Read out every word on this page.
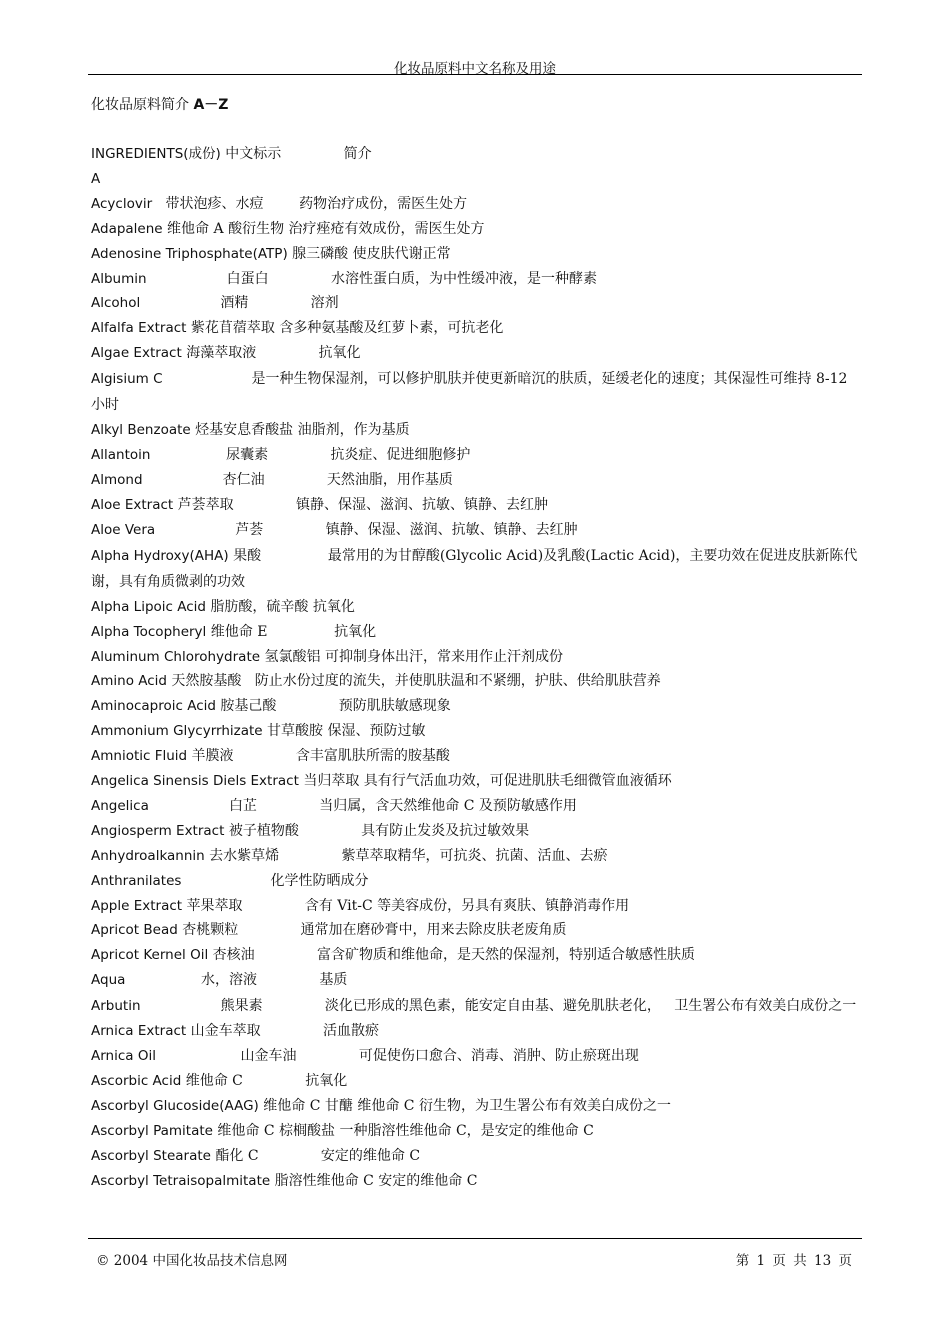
化妆品原料中文名称及用途
化妆品原料简介 A－Z
INGREDIENTS(成份) 中文标示              简介
A
Acyclovir   带状泡疹、水痘        药物治疗成份，需医生处方
Adapalene 维他命 A 酸衍生物 治疗痤疮有效成份，需医生处方
Adenosine Triphosphate(ATP) 腺三磷酸 使皮肤代谢正常
Albumin                  白蛋白              水溶性蛋白质，为中性缓冲液，是一种酵素
Alcohol                  酒精              溶剂
Alfalfa Extract 紫花苜蓿萃取 含多种氨基酸及红萝卜素，可抗老化
Algae Extract 海藻萃取液              抗氧化
Algisium C                    是一种生物保湿剂，可以修护肌肤并使更新暗沉的肤质，延缓老化的速度；其保湿性可维持 8-12 小时
Alkyl Benzoate 烃基安息香酸盐 油脂剂，作为基质
Allantoin                 尿囊素              抗炎症、促进细胞修护
Almond                  杏仁油              天然油脂，用作基质
Aloe Extract 芦荟萃取              镇静、保湿、滋润、抗敏、镇静、去红肿
Aloe Vera                  芦荟              镇静、保湿、滋润、抗敏、镇静、去红肿
Alpha Hydroxy(AHA) 果酸               最常用的为甘醇酸(Glycolic Acid)及乳酸(Lactic Acid)，主要功效在促进皮肤新陈代谢，具有角质微剥的功效
Alpha Lipoic Acid 脂肪酸，硫辛酸 抗氧化
Alpha Tocopheryl 维他命 E               抗氧化
Aluminum Chlorohydrate 氢氯酸铝 可抑制身体出汗，常来用作止汗剂成份
Amino Acid 天然胺基酸   防止水份过度的流失，并使肌肤温和不紧绷，护肤、供给肌肤营养
Aminocaproic Acid 胺基己酸              预防肌肤敏感现象
Ammonium Glycyrrhizate 甘草酸胺 保湿、预防过敏
Amniotic Fluid 羊膜液              含丰富肌肤所需的胺基酸
Angelica Sinensis Diels Extract 当归萃取 具有行气活血功效，可促进肌肤毛细微管血液循环
Angelica                  白芷              当归属，含天然维他命 C 及预防敏感作用
Angiosperm Extract 被子植物酸              具有防止发炎及抗过敏效果
Anhydroalkannin 去水紫草烯              紫草萃取精华，可抗炎、抗菌、活血、去瘀
Anthranilates                    化学性防晒成分
Apple Extract 苹果萃取              含有 Vit-C 等美容成份，另具有爽肤、镇静消毒作用
Apricot Bead 杏桃颗粒              通常加在磨砂膏中，用来去除皮肤老废角质
Apricot Kernel Oil 杏核油              富含矿物质和维他命，是天然的保湿剂，特别适合敏感性肤质
Aqua                 水，溶液              基质
Arbutin                  熊果素              淡化已形成的黑色素，能安定自由基、避免肌肤老化，   卫生署公布有效美白成份之一
Arnica Extract 山金车萃取              活血散瘀
Arnica Oil                   山金车油              可促使伤口愈合、消毒、消肿、防止瘀斑出现
Ascorbic Acid 维他命 C              抗氧化
Ascorbyl Glucoside(AAG) 维他命 C 甘醣 维他命 C 衍生物，为卫生署公布有效美白成份之一
Ascorbyl Pamitate 维他命 C 棕榈酸盐 一种脂溶性维他命 C，是安定的维他命 C
Ascorbyl Stearate 酯化 C              安定的维他命 C
Ascorbyl Tetraisopalmitate 脂溶性维他命 C 安定的维他命 C
© 2004 中国化妆品技术信息网	第 1 页 共 13 页
